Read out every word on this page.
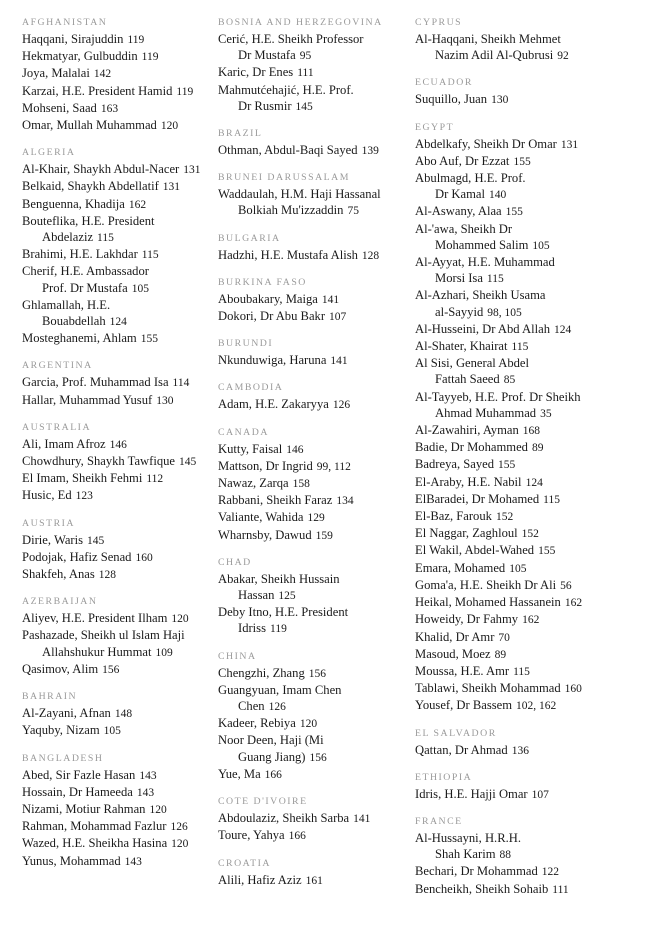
AFGHANISTAN
Haqqani, Sirajuddin 119
Hekmatyar, Gulbuddin 119
Joya, Malalai 142
Karzai, H.E. President Hamid 119
Mohseni, Saad 163
Omar, Mullah Muhammad 120
ALGERIA
Al-Khair, Shaykh Abdul-Nacer 131
Belkaid, Shaykh Abdellatif 131
Benguenna, Khadija 162
Bouteflika, H.E. President
Abdelaziz 115
Brahimi, H.E. Lakhdar 115
Cherif, H.E. Ambassador
Prof. Dr Mustafa 105
Ghlamallah, H.E.
Bouabdellah 124
Mosteghanemi, Ahlam 155
ARGENTINA
Garcia, Prof. Muhammad Isa 114
Hallar, Muhammad Yusuf 130
AUSTRALIA
Ali, Imam Afroz 146
Chowdhury, Shaykh Tawfique 145
El Imam, Sheikh Fehmi 112
Husic, Ed 123
AUSTRIA
Dirie, Waris 145
Podojak, Hafiz Senad 160
Shakfeh, Anas 128
AZERBAIJAN
Aliyev, H.E. President Ilham 120
Pashazade, Sheikh ul Islam Haji
Allahshukur Hummat 109
Qasimov, Alim 156
BAHRAIN
Al-Zayani, Afnan 148
Yaquby, Nizam 105
BANGLADESH
Abed, Sir Fazle Hasan 143
Hossain, Dr Hameeda 143
Nizami, Motiur Rahman 120
Rahman, Mohammad Fazlur 126
Wazed, H.E. Sheikha Hasina 120
Yunus, Mohammad 143
BOSNIA AND HERZEGOVINA
Cerić, H.E. Sheikh Professor
Dr Mustafa 95
Karic, Dr Enes 111
Mahmutćehajić, H.E. Prof.
Dr Rusmir 145
BRAZIL
Othman, Abdul-Baqi Sayed 139
BRUNEI DARUSSALAM
Waddaulah, H.M. Haji Hassanal
Bolkiah Mu'izzaddin 75
BULGARIA
Hadzhi, H.E. Mustafa Alish 128
BURKINA FASO
Aboubakary, Maiga 141
Dokori, Dr Abu Bakr 107
BURUNDI
Nkunduwiga, Haruna 141
CAMBODIA
Adam, H.E. Zakaryya 126
CANADA
Kutty, Faisal 146
Mattson, Dr Ingrid 99, 112
Nawaz, Zarqa 158
Rabbani, Sheikh Faraz 134
Valiante, Wahida 129
Wharnsby, Dawud 159
CHAD
Abakar, Sheikh Hussain
Hassan 125
Deby Itno, H.E. President
Idriss 119
CHINA
Chengzhi, Zhang 156
Guangyuan, Imam Chen
Chen 126
Kadeer, Rebiya 120
Noor Deen, Haji (Mi
Guang Jiang) 156
Yue, Ma 166
COTE D'IVOIRE
Abdoulaziz, Sheikh Sarba 141
Toure, Yahya 166
CROATIA
Alili, Hafiz Aziz 161
CYPRUS
Al-Haqqani, Sheikh Mehmet
Nazim Adil Al-Qubrusi 92
ECUADOR
Suquillo, Juan 130
EGYPT
Abdelkafy, Sheikh Dr Omar 131
Abo Auf, Dr Ezzat 155
Abulmagd, H.E. Prof.
Dr Kamal 140
Al-Aswany, Alaa 155
Al-'awa, Sheikh Dr
Mohammed Salim 105
Al-Ayyat, H.E. Muhammad
Morsi Isa 115
Al-Azhari, Sheikh Usama
al-Sayyid 98, 105
Al-Husseini, Dr Abd Allah 124
Al-Shater, Khairat 115
Al Sisi, General Abdel
Fattah Saeed 85
Al-Tayyeb, H.E. Prof. Dr Sheikh
Ahmad Muhammad 35
Al-Zawahiri, Ayman 168
Badie, Dr Mohammed 89
Badreya, Sayed 155
El-Araby, H.E. Nabil 124
ElBaradei, Dr Mohamed 115
El-Baz, Farouk 152
El Naggar, Zaghloul 152
El Wakil, Abdel-Wahed 155
Emara, Mohamed 105
Goma'a, H.E. Sheikh Dr Ali 56
Heikal, Mohamed Hassanein 162
Howeidy, Dr Fahmy 162
Khalid, Dr Amr 70
Masoud, Moez 89
Moussa, H.E. Amr 115
Tablawi, Sheikh Mohammad 160
Yousef, Dr Bassem 102, 162
EL SALVADOR
Qattan, Dr Ahmad 136
ETHIOPIA
Idris, H.E. Hajji Omar 107
FRANCE
Al-Hussayni, H.R.H.
Shah Karim 88
Bechari, Dr Mohammad 122
Bencheikh, Sheikh Sohaib 111
